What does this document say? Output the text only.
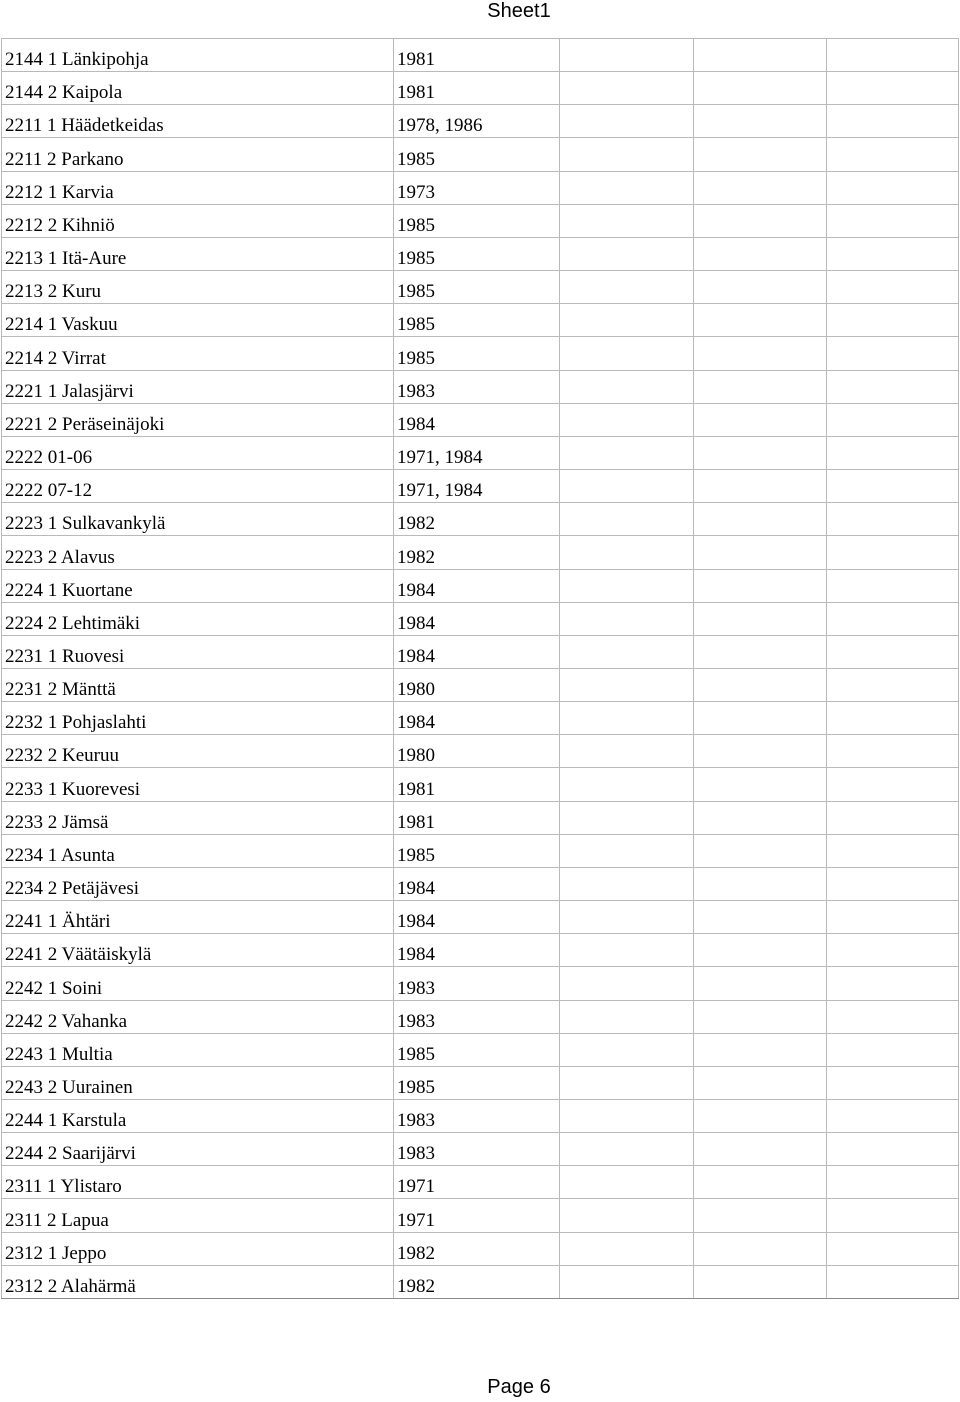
Sheet1
2144 1 Länkipohja	1981			
2144 2 Kaipola	1981			
2211 1 Häädetkeidas	1978, 1986			
2211 2 Parkano	1985			
2212 1 Karvia	1973			
2212 2 Kihniö	1985			
2213 1 Itä-Aure	1985			
2213 2 Kuru	1985			
2214 1 Vaskuu	1985			
2214 2 Virrat	1985			
2221 1 Jalasjärvi	1983			
2221 2 Peräseinäjoki	1984			
2222 01-06	1971, 1984			
2222 07-12	1971, 1984			
2223 1 Sulkavankylä	1982			
2223 2 Alavus	1982			
2224 1 Kuortane	1984			
2224 2 Lehtimäki	1984			
2231 1 Ruovesi	1984			
2231 2 Mänttä	1980			
2232 1 Pohjaslahti	1984			
2232 2 Keuruu	1980			
2233 1 Kuorevesi	1981			
2233 2 Jämsä	1981			
2234 1 Asunta	1985			
2234 2 Petäjävesi	1984			
2241 1 Ähtäri	1984			
2241 2 Väätäiskylä	1984			
2242 1 Soini	1983			
2242 2 Vahanka	1983			
2243 1 Multia	1985			
2243 2 Uurainen	1985			
2244 1 Karstula	1983			
2244 2 Saarijärvi	1983			
2311 1 Ylistaro	1971			
2311 2 Lapua	1971			
2312 1 Jeppo	1982			
2312 2 Alahärmä	1982			
Page 6
